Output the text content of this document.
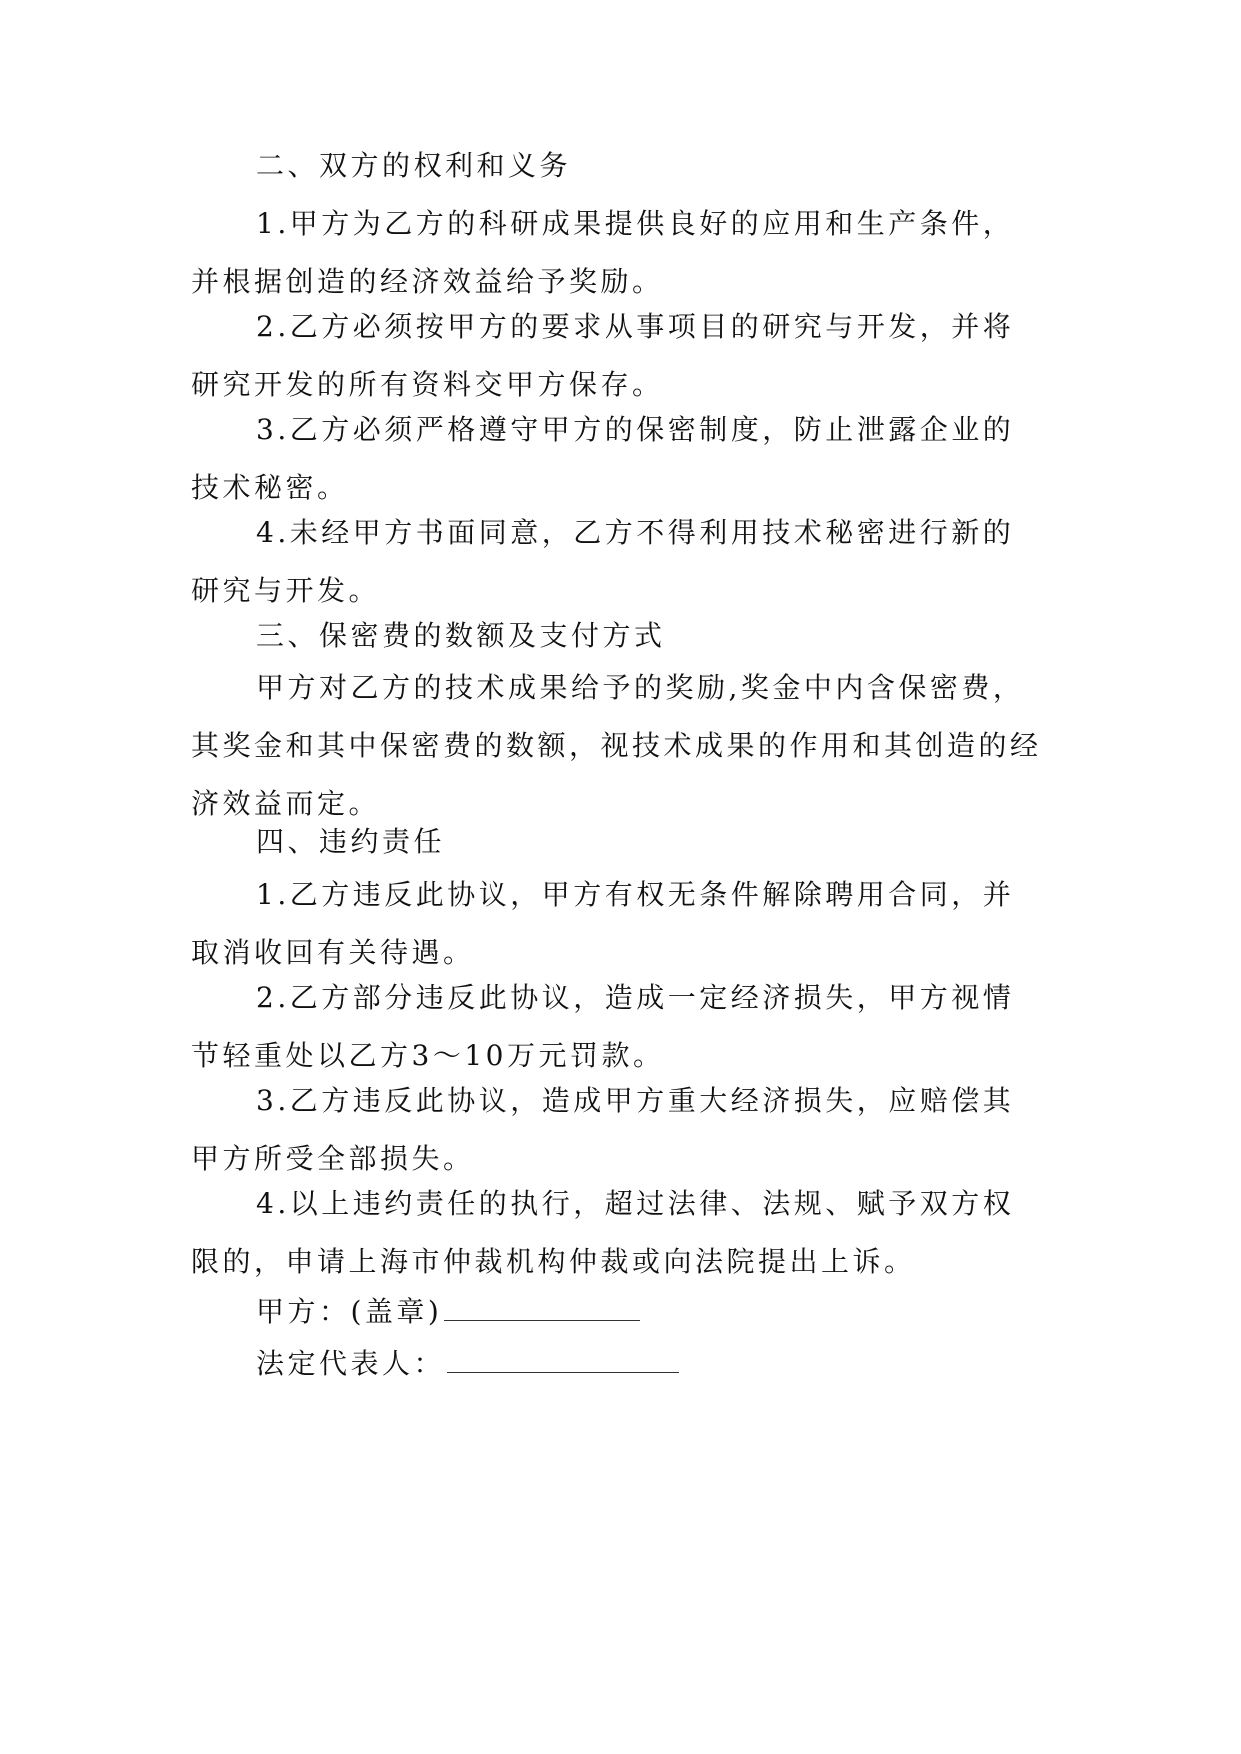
二、双方的权利和义务

1.甲方为乙方的科研成果提供良好的应用和生产条件，并根据创造的经济效益给予奖励。

2.乙方必须按甲方的要求从事项目的研究与开发，并将研究开发的所有资料交甲方保存。

3.乙方必须严格遵守甲方的保密制度，防止泄露企业的技术秘密。

4.未经甲方书面同意，乙方不得利用技术秘密进行新的研究与开发。

三、保密费的数额及支付方式

甲方对乙方的技术成果给予的奖励,奖金中内含保密费，其奖金和其中保密费的数额，视技术成果的作用和其创造的经济效益而定。

四、违约责任

1.乙方违反此协议，甲方有权无条件解除聘用合同，并取消收回有关待遇。

2.乙方部分违反此协议，造成一定经济损失，甲方视情节轻重处以乙方3～10万元罚款。

3.乙方违反此协议，造成甲方重大经济损失，应赔偿其甲方所受全部损失。

4.以上违约责任的执行，超过法律、法规、赋予双方权限的，申请上海市仲裁机构仲裁或向法院提出上诉。

甲方：(盖章)

法定代表人：
